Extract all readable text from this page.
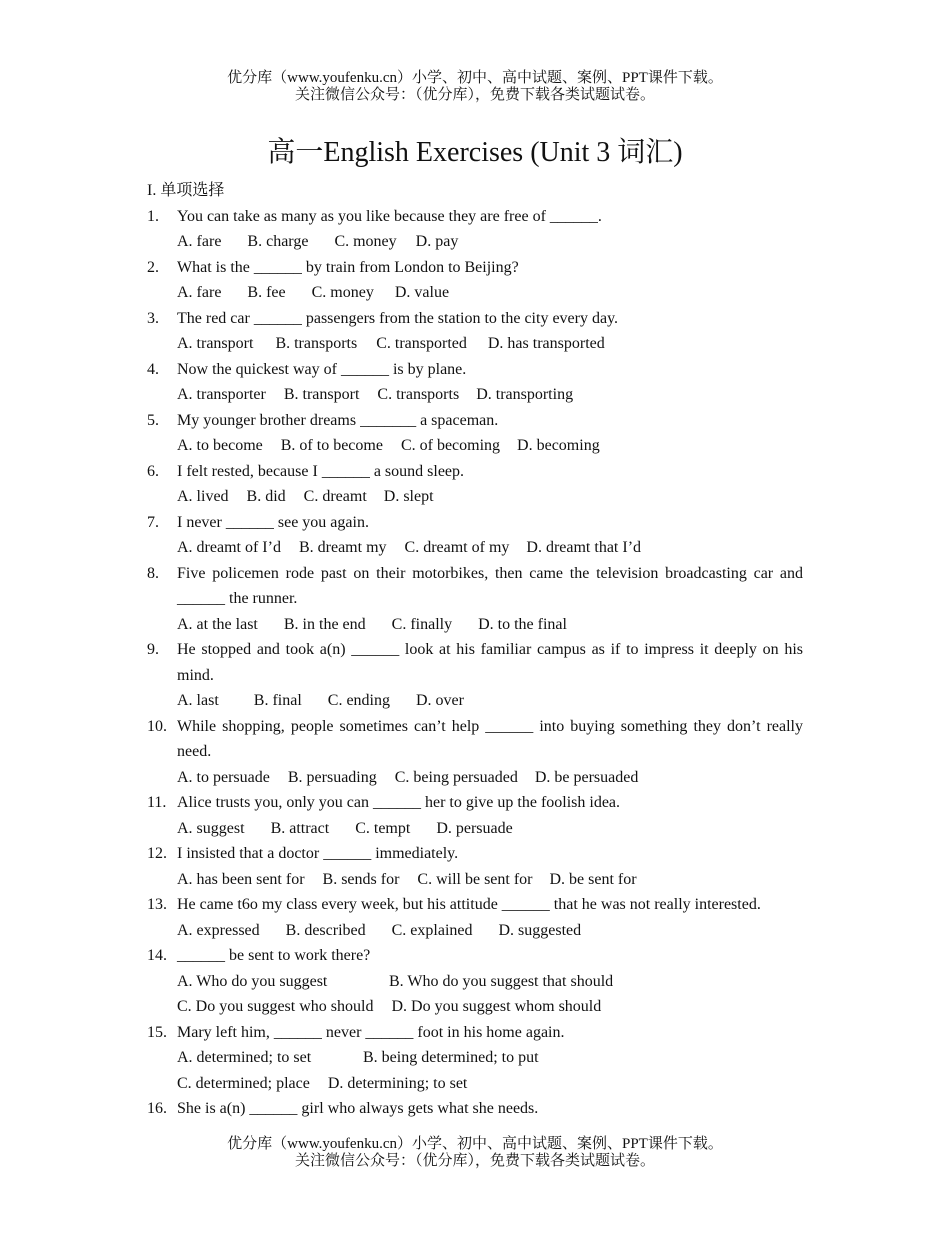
优分库（www.youfenku.cn）小学、初中、高中试题、案例、PPT课件下载。
关注微信公众号：（优分库），免费下载各类试题试卷。
高一English Exercises (Unit 3 词汇)
I. 单项选择
1.	You can take as many as you like because they are free of ______.
A. fare B. charge C. money D. pay
2.	What is the ______ by train from London to Beijing?
A. fare B. fee C. money D. value
3.	The red car ______ passengers from the station to the city every day.
A. transport B. transports C. transported D. has transported
4.	Now the quickest way of ______ is by plane.
A. transporter B. transport C. transports D. transporting
5.	My younger brother dreams _______ a spaceman.
A. to become B. of to become C. of becoming D. becoming
6.	I felt rested, because I ______ a sound sleep.
A. lived B. did C. dreamt D. slept
7.	I never ______ see you again.
A. dreamt of I’d B. dreamt my C. dreamt of my D. dreamt that I’d
8.	Five policemen rode past on their motorbikes, then came the television broadcasting car and ______ the runner.
A. at the last B. in the end C. finally D. to the final
9.	He stopped and took a(n) ______ look at his familiar campus as if to impress it deeply on his mind.
A. last B. final C. ending D. over
10. While shopping, people sometimes can’t help ______ into buying something they don’t really need.
A. to persuade B. persuading C. being persuaded D. be persuaded
11. Alice trusts you, only you can ______ her to give up the foolish idea.
A. suggest B. attract C. tempt D. persuade
12. I insisted that a doctor ______ immediately.
A. has been sent for B. sends for C. will be sent for D. be sent for
13. He came t6o my class every week, but his attitude ______ that he was not really interested.
A. expressed B. described C. explained D. suggested
14. ______ be sent to work there?
A. Who do you suggest	B. Who do you suggest that should
C. Do you suggest who should D. Do you suggest whom should
15. Mary left him, ______ never ______ foot in his home again.
A. determined; to set	B. being determined; to put
C. determined; place D. determining; to set
16. She is a(n) ______ girl who always gets what she needs.
优分库（www.youfenku.cn）小学、初中、高中试题、案例、PPT课件下载。
关注微信公众号：（优分库），免费下载各类试题试卷。
